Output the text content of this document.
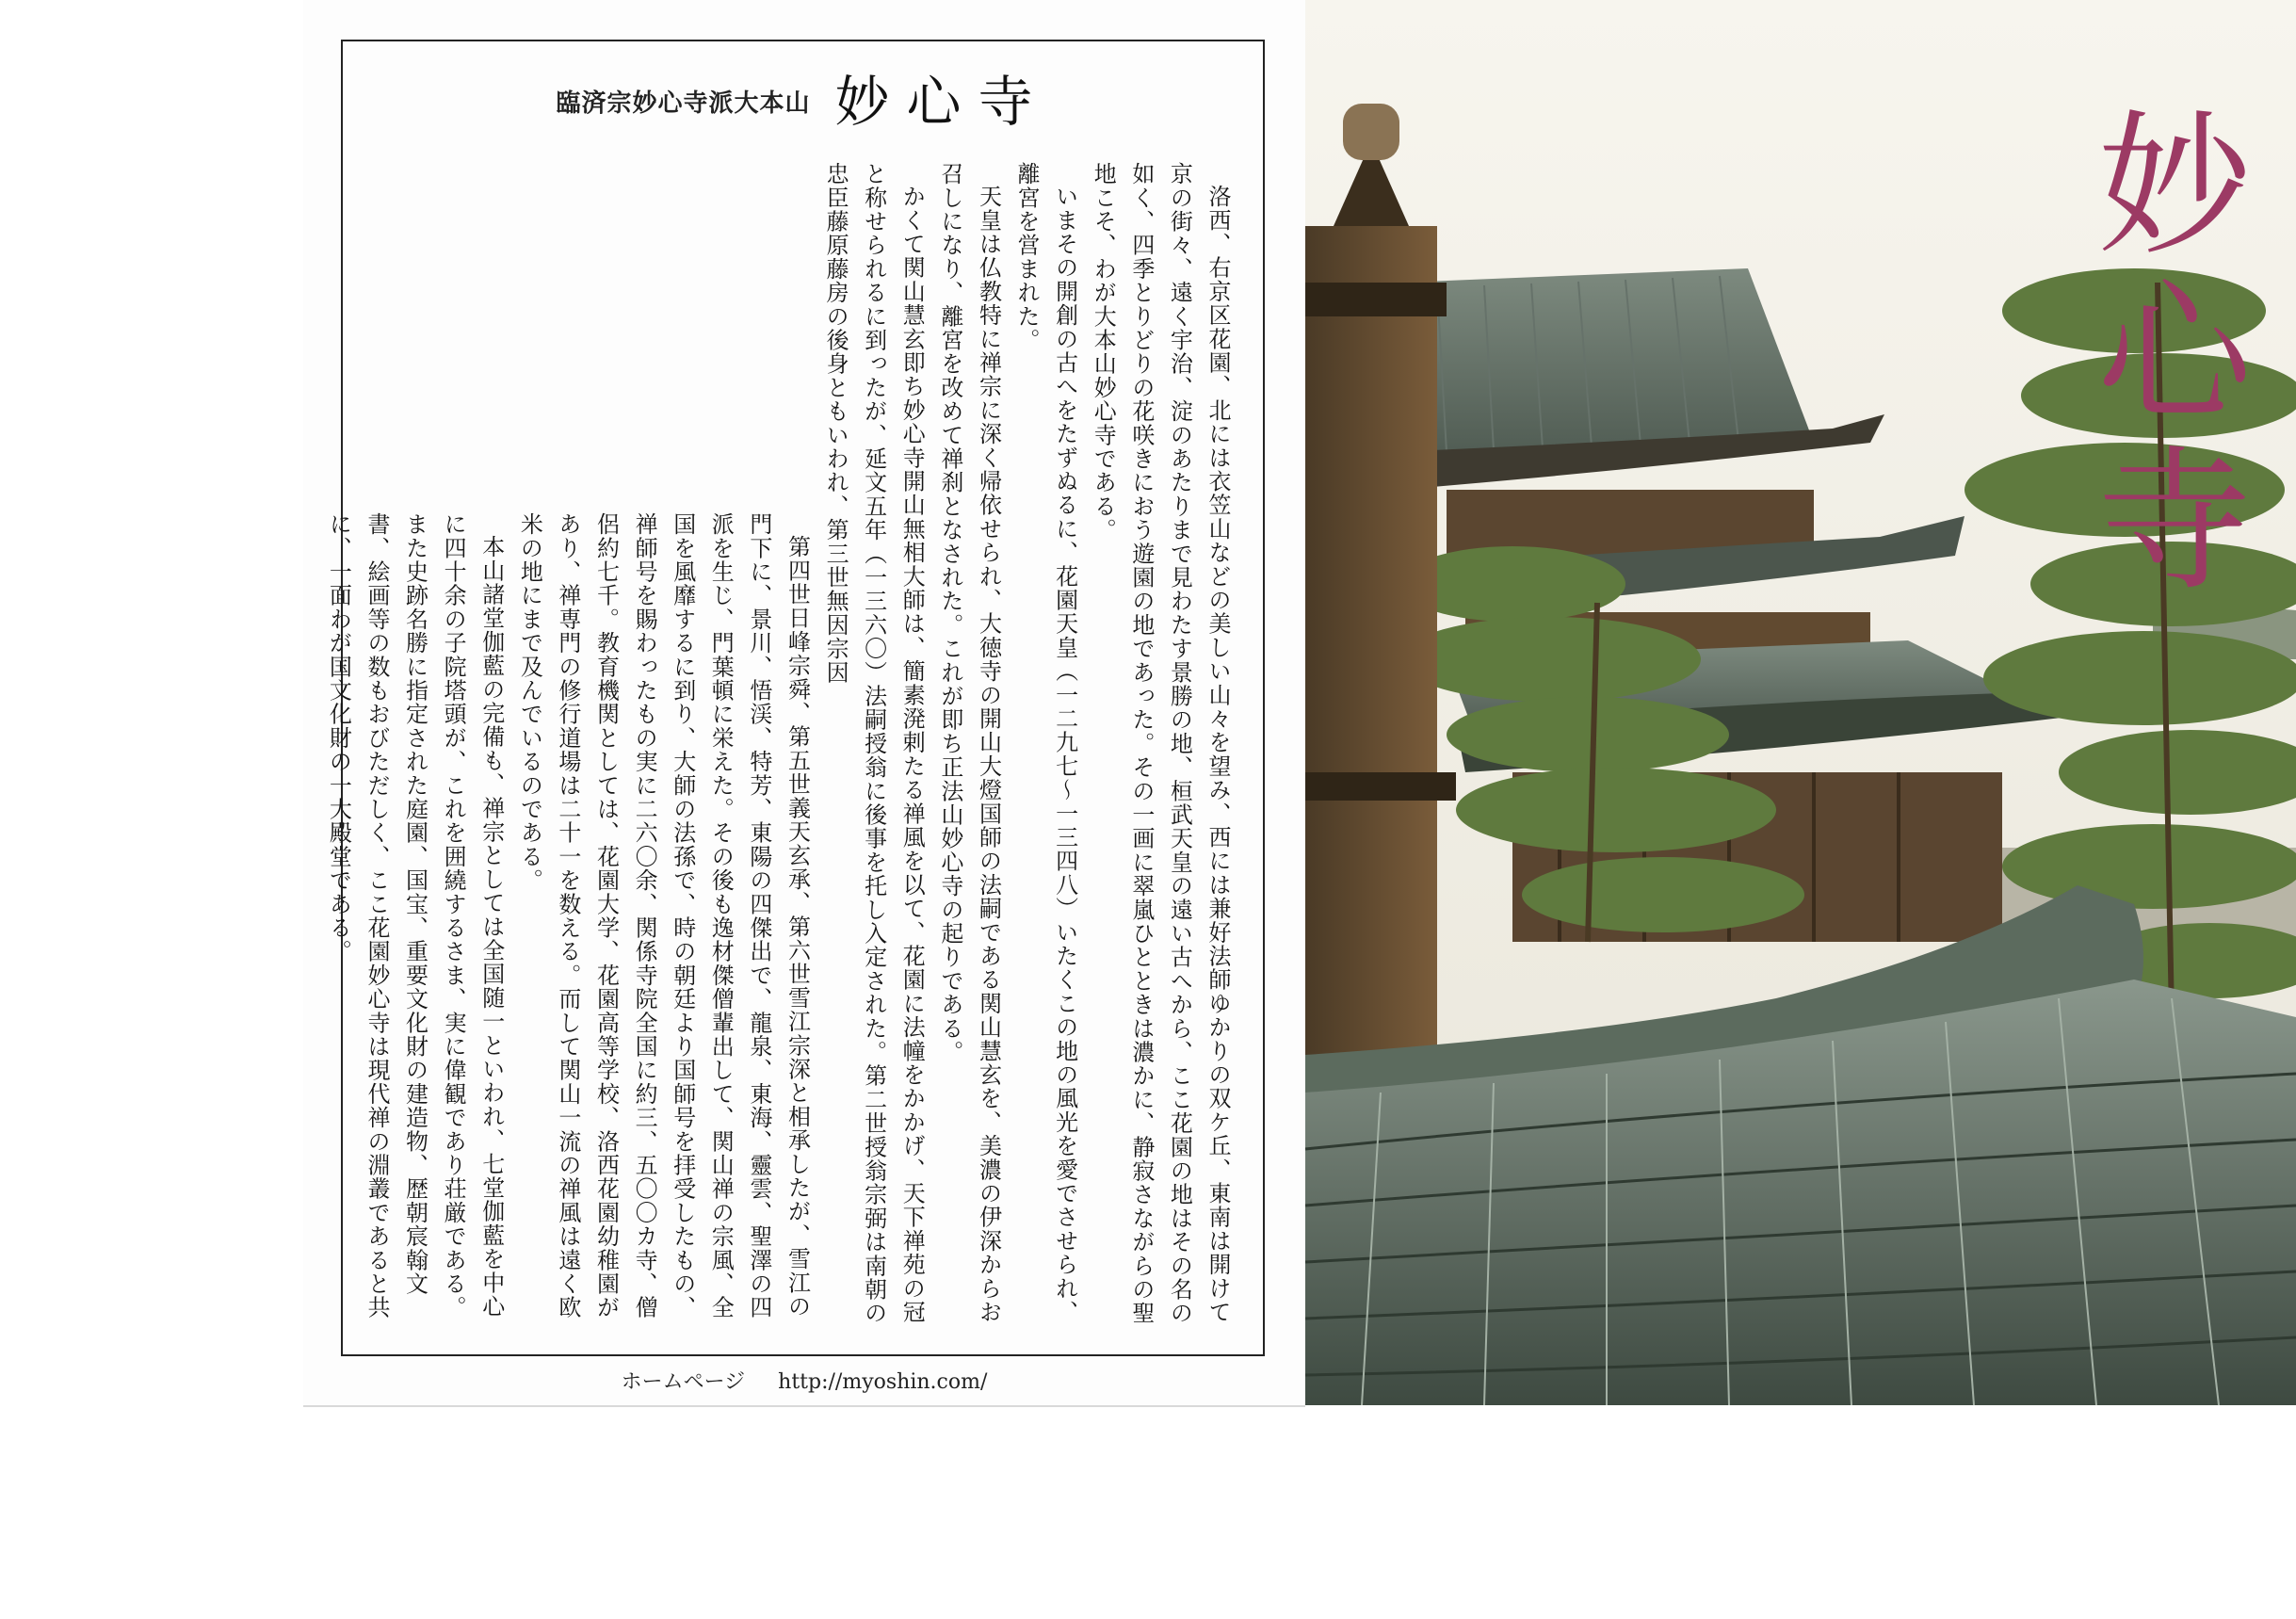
臨済宗妙心寺派大本山 妙心寺

洛西、右京区花園、北には衣笠山などの美しい山々を望み、西には兼好法師ゆかりの双ケ丘、東南は開けて京の街々、遠く宇治、淀のあたりまで見わたす景勝の地、桓武天皇の遠い古へから、ここ花園の地はその名の如く、四季とりどりの花咲きにおう遊園の地であった。その一画に翠嵐ひとときは濃かに、静寂さながらの聖地こそ、わが大本山妙心寺である。

いまその開創の古へをたずぬるに、花園天皇（一二九七〜一三四八）いたくこの地の風光を愛でさせられ、離宮を営まれた。

天皇は仏教特に禅宗に深く帰依せられ、大徳寺の開山大燈国師の法嗣である関山慧玄を、美濃の伊深からお召しになり、離宮を改めて禅刹となされた。これが即ち正法山妙心寺の起りである。

かくて関山慧玄即ち妙心寺開山無相大師は、簡素溌剌たる禅風を以て、花園に法幢をかかげ、天下禅苑の冠と称せられるに到ったが、延文五年（一三六〇）法嗣授翁に後事を托し入定された。第二世授翁宗弼は南朝の忠臣藤原藤房の後身ともいわれ、第三世無因宗因

第四世日峰宗舜、第五世義天玄承、第六世雪江宗深と相承したが、雪江の門下に、景川、悟渓、特芳、東陽の四傑出で、龍泉、東海、靈雲、聖澤の四派を生じ、門葉頓に栄えた。その後も逸材傑僧輩出して、関山禅の宗風、全国を風靡するに到り、大師の法孫で、時の朝廷より国師号を拝受したもの、禅師号を賜わったもの実に二六〇余、関係寺院全国に約三、五〇〇カ寺、僧侶約七千。教育機関としては、花園大学、花園高等学校、洛西花園幼稚園があり、禅専門の修行道場は二十一を数える。而して関山一流の禅風は遠く欧米の地にまで及んでいるのである。

本山諸堂伽藍の完備も、禅宗としては全国随一といわれ、七堂伽藍を中心に四十余の子院塔頭が、これを囲繞するさま、実に偉観であり荘厳である。また史跡名勝に指定された庭園、国宝、重要文化財の建造物、歴朝宸翰文書、絵画等の数もおびただしく、ここ花園妙心寺は現代禅の淵叢であると共に、一面わが国文化財の一大殿堂である。

ホームページ http://myoshin.com/
妙心寺
